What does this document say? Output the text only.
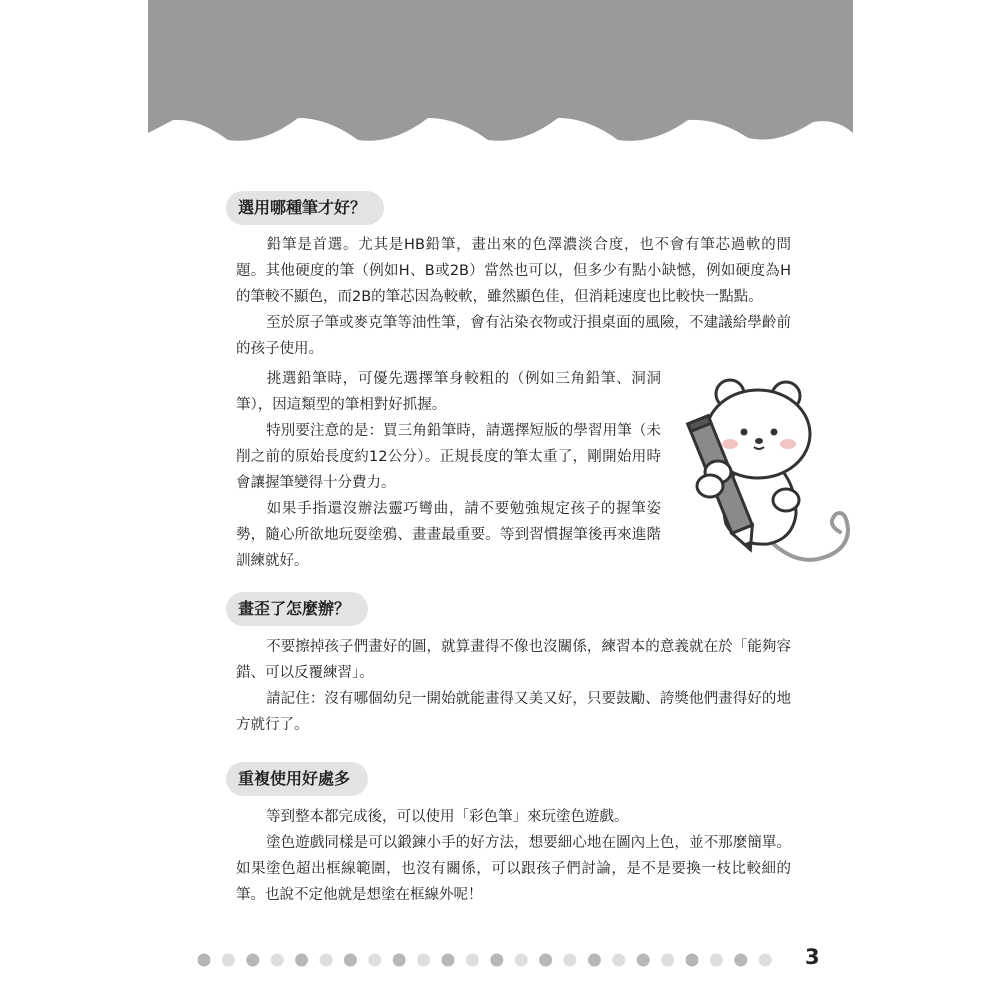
選用哪種筆才好？

鉛筆是首選。尤其是HB鉛筆，畫出來的色澤濃淡合度，也不會有筆芯過軟的問題。其他硬度的筆（例如H、B或2B）當然也可以，但多少有點小缺憾，例如硬度為H的筆較不顯色，而2B的筆芯因為較軟，雖然顯色佳，但消耗速度也比較快一點點。

至於原子筆或麥克筆等油性筆，會有沾染衣物或汙損桌面的風險，不建議給學齡前的孩子使用。

挑選鉛筆時，可優先選擇筆身較粗的（例如三角鉛筆、洞洞筆），因這類型的筆相對好抓握。

特別要注意的是：買三角鉛筆時，請選擇短版的學習用筆（未削之前的原始長度約12公分）。正規長度的筆太重了，剛開始用時會讓握筆變得十分費力。

如果手指還沒辦法靈巧彎曲，請不要勉強規定孩子的握筆姿勢，隨心所欲地玩耍塗鴉、畫畫最重要。等到習慣握筆後再來進階訓練就好。

畫歪了怎麼辦？

不要擦掉孩子們畫好的圖，就算畫得不像也沒關係，練習本的意義就在於「能夠容錯、可以反覆練習」。

請記住：沒有哪個幼兒一開始就能畫得又美又好，只要鼓勵、誇獎他們畫得好的地方就行了。

重複使用好處多

等到整本都完成後，可以使用「彩色筆」來玩塗色遊戲。

塗色遊戲同樣是可以鍛鍊小手的好方法，想要細心地在圖內上色，並不那麼簡單。如果塗色超出框線範圍，也沒有關係，可以跟孩子們討論，是不是要換一枝比較細的筆。也說不定他就是想塗在框線外呢！

3
